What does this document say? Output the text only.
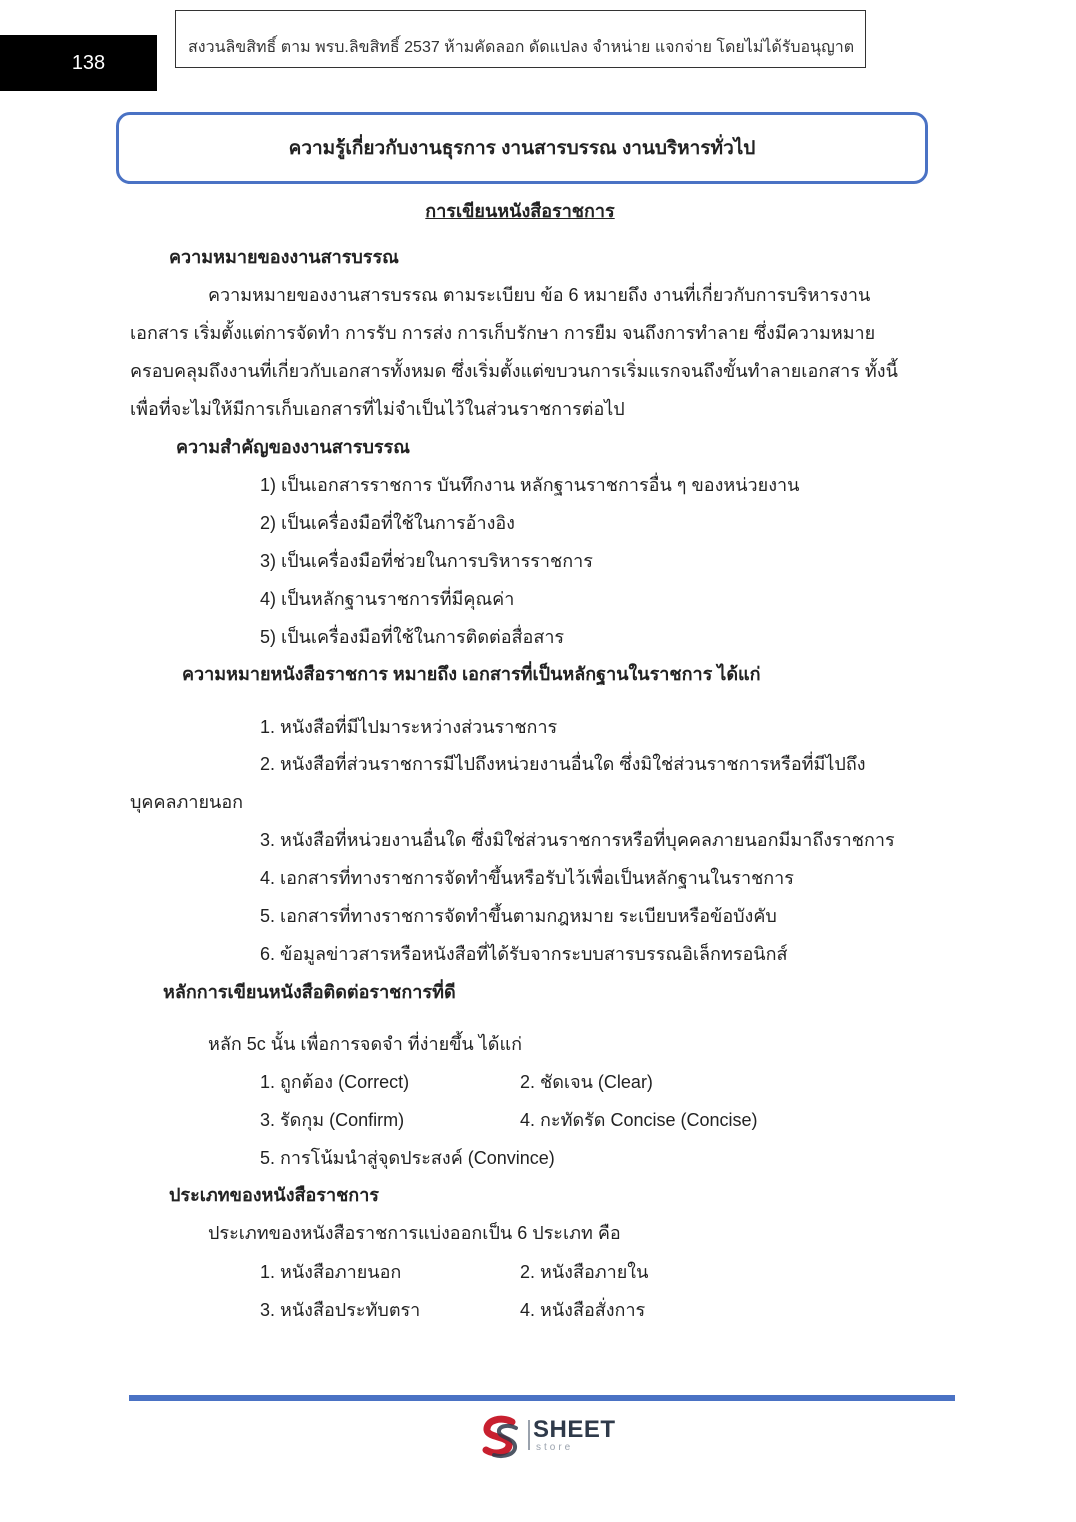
138
สงวนลิขสิทธิ์ ตาม พรบ.ลิขสิทธิ์ 2537 ห้ามคัดลอก ดัดแปลง จำหน่าย แจกจ่าย โดยไม่ได้รับอนุญาต
ความรู้เกี่ยวกับงานธุรการ งานสารบรรณ งานบริหารทั่วไป
การเขียนหนังสือราชการ
ความหมายของงานสารบรรณ
ความหมายของงานสารบรรณ ตามระเบียบ ข้อ 6 หมายถึง งานที่เกี่ยวกับการบริหารงาน
เอกสาร เริ่มตั้งแต่การจัดทำ การรับ การส่ง การเก็บรักษา การยืม จนถึงการทำลาย ซึ่งมีความหมาย
ครอบคลุมถึงงานที่เกี่ยวกับเอกสารทั้งหมด ซึ่งเริ่มตั้งแต่ขบวนการเริ่มแรกจนถึงขั้นทำลายเอกสาร ทั้งนี้
เพื่อที่จะไม่ให้มีการเก็บเอกสารที่ไม่จำเป็นไว้ในส่วนราชการต่อไป
ความสำคัญของงานสารบรรณ
1) เป็นเอกสารราชการ บันทึกงาน หลักฐานราชการอื่น ๆ ของหน่วยงาน
2) เป็นเครื่องมือที่ใช้ในการอ้างอิง
3) เป็นเครื่องมือที่ช่วยในการบริหารราชการ
4) เป็นหลักฐานราชการที่มีคุณค่า
5) เป็นเครื่องมือที่ใช้ในการติดต่อสื่อสาร
ความหมายหนังสือราชการ หมายถึง เอกสารที่เป็นหลักฐานในราชการ ได้แก่
1. หนังสือที่มีไปมาระหว่างส่วนราชการ
2. หนังสือที่ส่วนราชการมีไปถึงหน่วยงานอื่นใด ซึ่งมิใช่ส่วนราชการหรือที่มีไปถึง
บุคคลภายนอก
3. หนังสือที่หน่วยงานอื่นใด ซึ่งมิใช่ส่วนราชการหรือที่บุคคลภายนอกมีมาถึงราชการ
4. เอกสารที่ทางราชการจัดทำขึ้นหรือรับไว้เพื่อเป็นหลักฐานในราชการ
5. เอกสารที่ทางราชการจัดทำขึ้นตามกฎหมาย ระเบียบหรือข้อบังคับ
6. ข้อมูลข่าวสารหรือหนังสือที่ได้รับจากระบบสารบรรณอิเล็กทรอนิกส์
หลักการเขียนหนังสือติดต่อราชการที่ดี
หลัก 5c นั้น เพื่อการจดจำ ที่ง่ายขึ้น ได้แก่
1. ถูกต้อง (Correct)	2. ชัดเจน (Clear)
3. รัดกุม (Confirm)	4. กะทัดรัด Concise (Concise)
5. การโน้มนำสู่จุดประสงค์ (Convince)
ประเภทของหนังสือราชการ
ประเภทของหนังสือราชการแบ่งออกเป็น 6 ประเภท คือ
1. หนังสือภายนอก	2. หนังสือภายใน
3. หนังสือประทับตรา	4. หนังสือสั่งการ
SHEET
store
